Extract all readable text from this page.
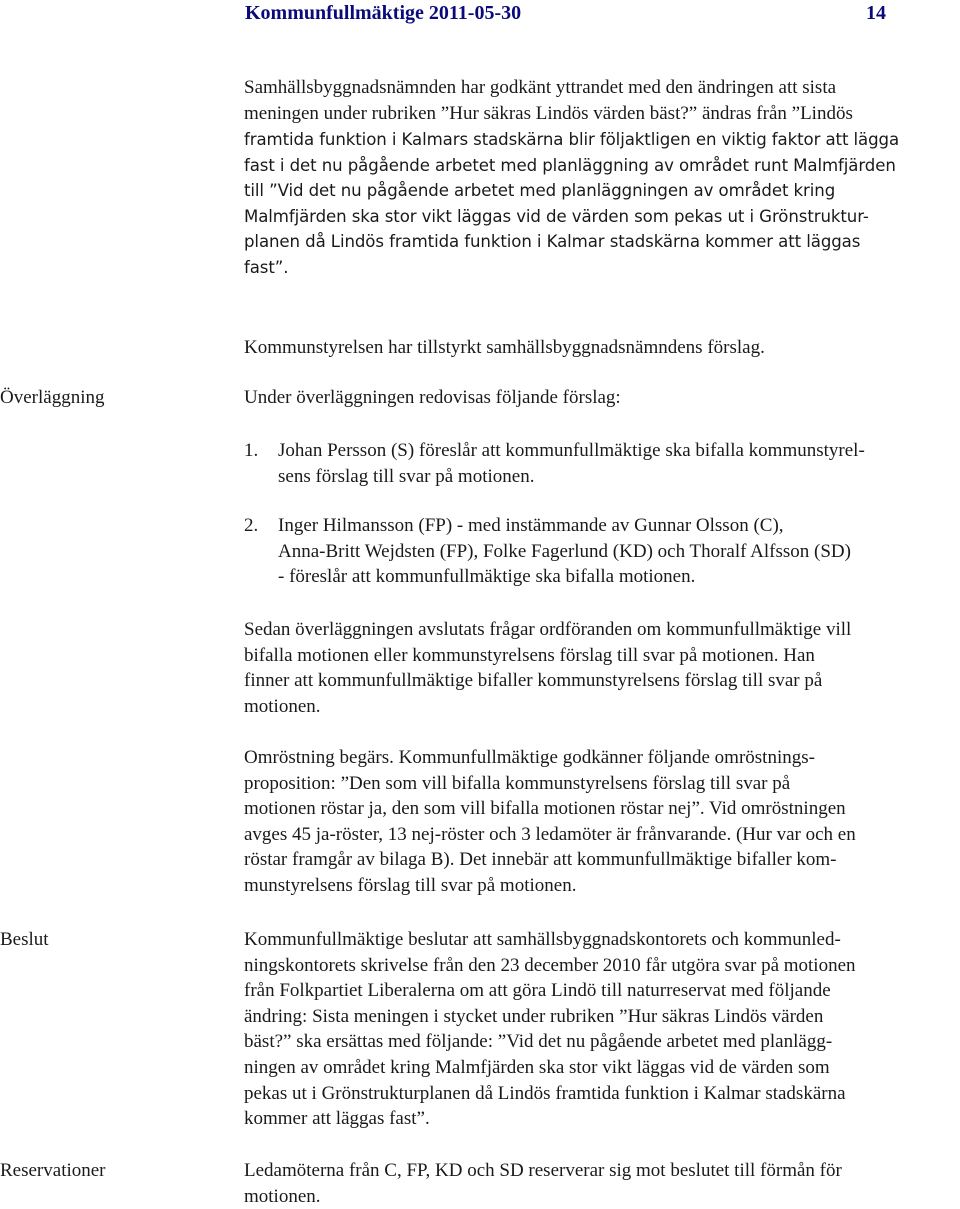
Kommunfullmäktige 2011-05-30	14

Samhällsbyggnadsnämnden har godkänt yttrandet med den ändringen att sista
meningen under rubriken ”Hur säkras Lindös värden bäst?” ändras från ”Lindös

framtida funktion i Kalmars stadskärna blir följaktligen en viktig faktor att lägga
fast i det nu pågående arbetet med planläggning av området runt Malmfjärden
till ”Vid det nu pågående arbetet med planläggningen av området kring
Malmfjärden ska stor vikt läggas vid de värden som pekas ut i Grönstruktur-
planen då Lindös framtida funktion i Kalmar stadskärna kommer att läggas
fast”.

Kommunstyrelsen har tillstyrkt samhällsbyggnadsnämndens förslag.

Överläggning	Under överläggningen redovisas följande förslag:

1. Johan Persson (S) föreslår att kommunfullmäktige ska bifalla kommunstyrel-
sens förslag till svar på motionen.
2. Inger Hilmansson (FP) - med instämmande av Gunnar Olsson (C),
Anna-Britt Wejdsten (FP), Folke Fagerlund (KD) och Thoralf Alfsson (SD)
- föreslår att kommunfullmäktige ska bifalla motionen.

Sedan överläggningen avslutats frågar ordföranden om kommunfullmäktige vill
bifalla motionen eller kommunstyrelsens förslag till svar på motionen. Han
finner att kommunfullmäktige bifaller kommunstyrelsens förslag till svar på
motionen.

Omröstning begärs. Kommunfullmäktige godkänner följande omröstnings-
proposition: ”Den som vill bifalla kommunstyrelsens förslag till svar på
motionen röstar ja, den som vill bifalla motionen röstar nej”. Vid omröstningen
avges 45 ja-röster, 13 nej-röster och 3 ledamöter är frånvarande. (Hur var och en
röstar framgår av bilaga B). Det innebär att kommunfullmäktige bifaller kom-
munstyrelsens förslag till svar på motionen.

Beslut	Kommunfullmäktige beslutar att samhällsbyggnadskontorets och kommunled-
ningskontorets skrivelse från den 23 december 2010 får utgöra svar på motionen
från Folkpartiet Liberalerna om att göra Lindö till naturreservat med följande
ändring: Sista meningen i stycket under rubriken ”Hur säkras Lindös värden
bäst?” ska ersättas med följande: ”Vid det nu pågående arbetet med planlägg-
ningen av området kring Malmfjärden ska stor vikt läggas vid de värden som
pekas ut i Grönstrukturplanen då Lindös framtida funktion i Kalmar stadskärna
kommer att läggas fast”.

Reservationer	Ledamöterna från C, FP, KD och SD reserverar sig mot beslutet till förmån för
motionen.
